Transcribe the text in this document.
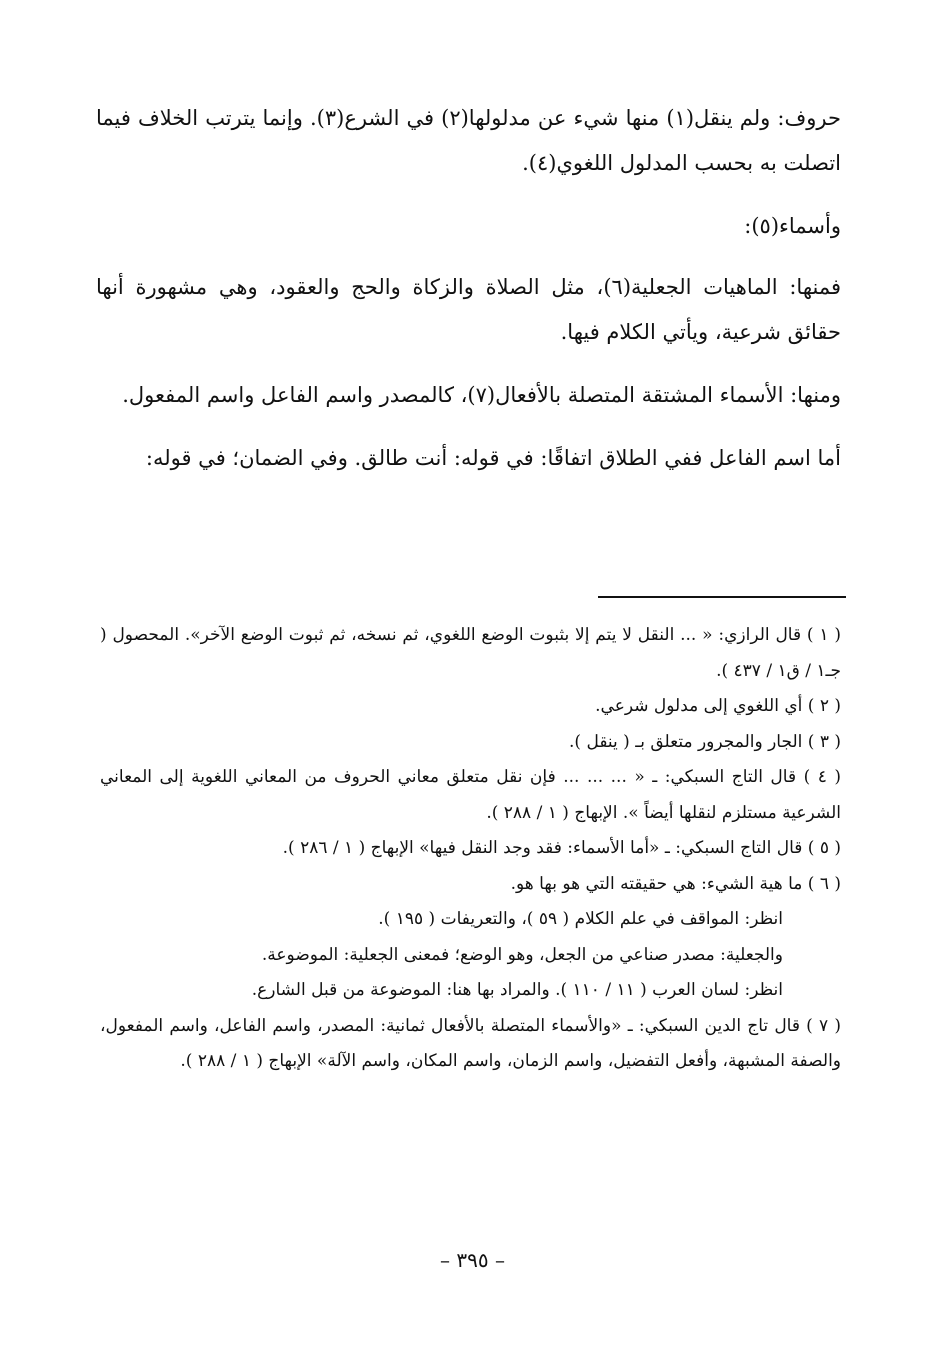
حروف: ولم ينقل(١) منها شيء عن مدلولها(٢) في الشرع(٣). وإنما يترتب الخلاف فيما اتصلت به بحسب المدلول اللغوي(٤).

وأسماء(٥):

فمنها: الماهيات الجعلية(٦)، مثل الصلاة والزكاة والحج والعقود، وهي مشهورة أنها حقائق شرعية، ويأتي الكلام فيها.

ومنها: الأسماء المشتقة المتصلة بالأفعال(٧)، كالمصدر واسم الفاعل واسم المفعول.

أما اسم الفاعل ففي الطلاق اتفاقًا: في قوله: أنت طالق. وفي الضمان؛ في قوله:

( ١ ) قال الرازي: « ... النقل لا يتم إلا بثبوت الوضع اللغوي، ثم نسخه، ثم ثبوت الوضع الآخر». المحصول ( جـ١ / ق١ / ٤٣٧ ).

( ٢ ) أي اللغوي إلى مدلول شرعي.

( ٣ ) الجار والمجرور متعلق بـ ( ينقل ).

( ٤ ) قال التاج السبكي: ـ « ... ... ... فإن نقل متعلق معاني الحروف من المعاني اللغوية إلى المعاني الشرعية مستلزم لنقلها أيضاً ». الإبهاج ( ١ / ٢٨٨ ).

( ٥ ) قال التاج السبكي: ـ «أما الأسماء: فقد وجد النقل فيها» الإبهاج ( ١ / ٢٨٦ ).

( ٦ ) ما هية الشيء: هي حقيقته التي هو بها هو.

انظر: المواقف في علم الكلام ( ٥٩ )، والتعريفات ( ١٩٥ ).

والجعلية: مصدر صناعي من الجعل، وهو الوضع؛ فمعنى الجعلية: الموضوعة.

انظر: لسان العرب ( ١١ / ١١٠ ). والمراد بها هنا: الموضوعة من قبل الشارع.

( ٧ ) قال تاج الدين السبكي: ـ «والأسماء المتصلة بالأفعال ثمانية: المصدر، واسم الفاعل، واسم المفعول، والصفة المشبهة، وأفعل التفضيل، واسم الزمان، واسم المكان، واسم الآلة» الإبهاج ( ١ / ٢٨٨ ).

– ٣٩٥ –
